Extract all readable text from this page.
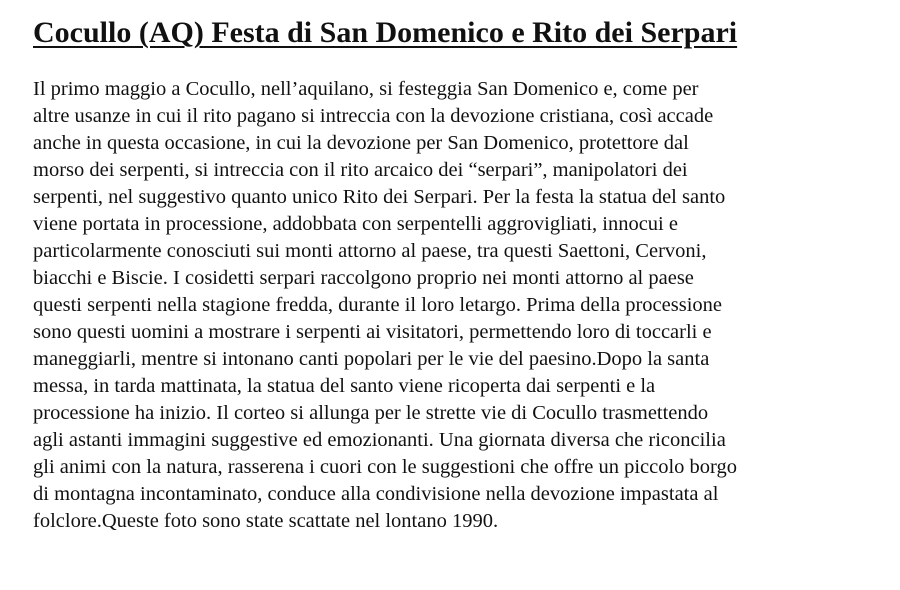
Cocullo (AQ) Festa di San Domenico e Rito dei Serpari

Il primo maggio a Cocullo, nell’aquilano, si festeggia San Domenico e, come per
altre usanze in cui il rito pagano si intreccia con la devozione cristiana, così accade
anche in questa occasione, in cui la devozione per San Domenico, protettore dal
morso dei serpenti, si intreccia con il rito arcaico dei “serpari”, manipolatori dei
serpenti, nel suggestivo quanto unico Rito dei Serpari. Per la festa la statua del santo
viene portata in processione, addobbata con serpentelli aggrovigliati, innocui e
particolarmente conosciuti sui monti attorno al paese, tra questi Saettoni, Cervoni,
biacchi e Biscie. I cosidetti serpari raccolgono proprio nei monti attorno al paese
questi serpenti nella stagione fredda, durante il loro letargo. Prima della processione
sono questi uomini a mostrare i serpenti ai visitatori, permettendo loro di toccarli e
maneggiarli, mentre si intonano canti popolari per le vie del paesino.Dopo la santa
messa, in tarda mattinata, la statua del santo viene ricoperta dai serpenti e la
processione ha inizio. Il corteo si allunga per le strette vie di Cocullo trasmettendo
agli astanti immagini suggestive ed emozionanti. Una giornata diversa che riconcilia
gli animi con la natura, rasserena i cuori con le suggestioni che offre un piccolo borgo
di montagna incontaminato, conduce alla condivisione nella devozione impastata al
folclore.Queste foto sono state scattate nel lontano 1990.
